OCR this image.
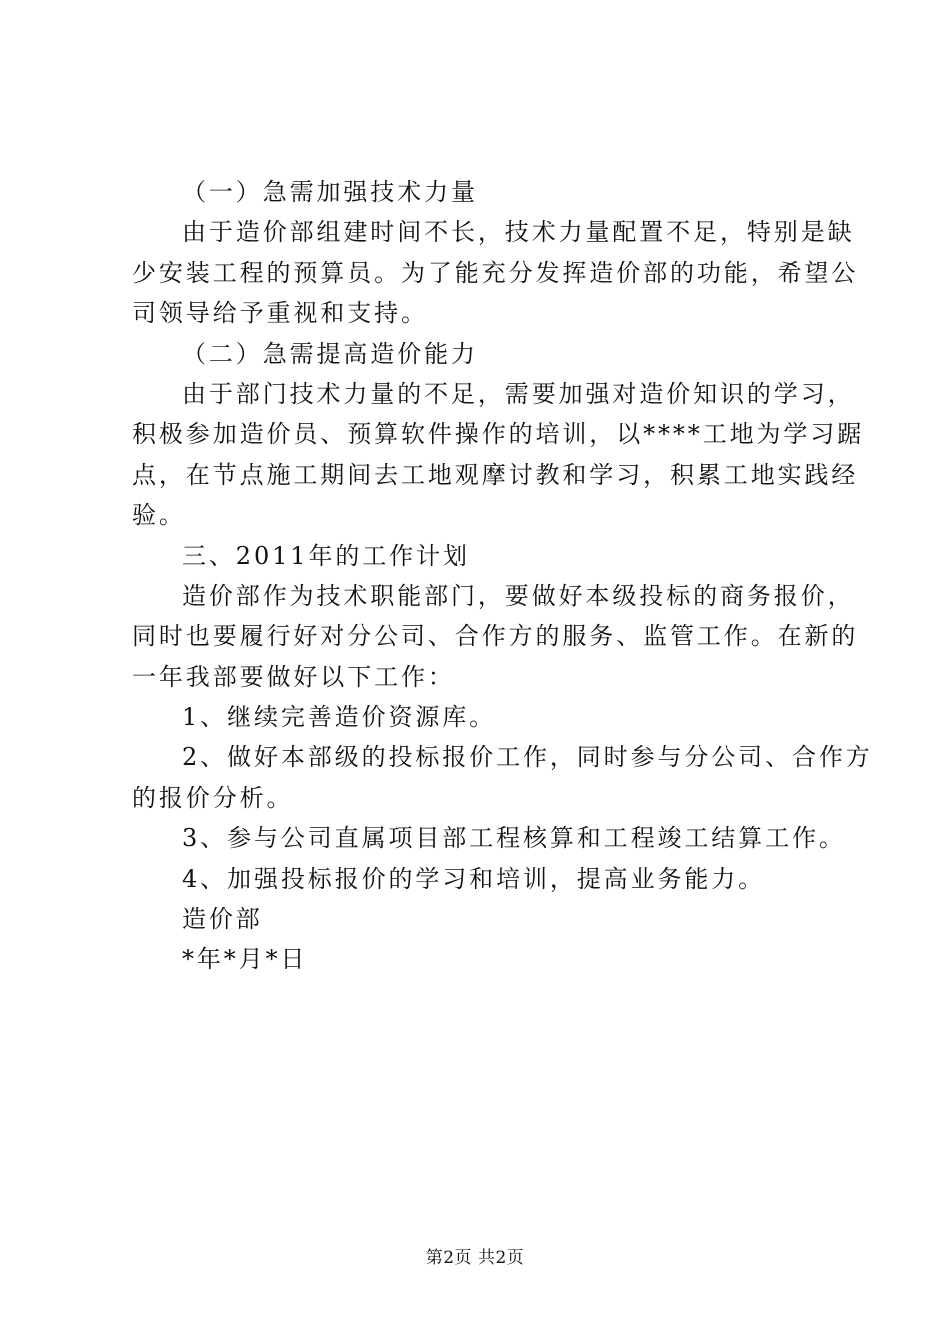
（一）急需加强技术力量
由于造价部组建时间不长，技术力量配置不足，特别是缺
少安装工程的预算员。为了能充分发挥造价部的功能，希望公
司领导给予重视和支持。
（二）急需提高造价能力
由于部门技术力量的不足，需要加强对造价知识的学习，
积极参加造价员、预算软件操作的培训，以****工地为学习踞
点，在节点施工期间去工地观摩讨教和学习，积累工地实践经
验。
三、2011年的工作计划
造价部作为技术职能部门，要做好本级投标的商务报价，
同时也要履行好对分公司、合作方的服务、监管工作。在新的
一年我部要做好以下工作：
1、继续完善造价资源库。
2、做好本部级的投标报价工作，同时参与分公司、合作方
的报价分析。
3、参与公司直属项目部工程核算和工程竣工结算工作。
4、加强投标报价的学习和培训，提高业务能力。
造价部
*年*月*日
第2页 共2页
